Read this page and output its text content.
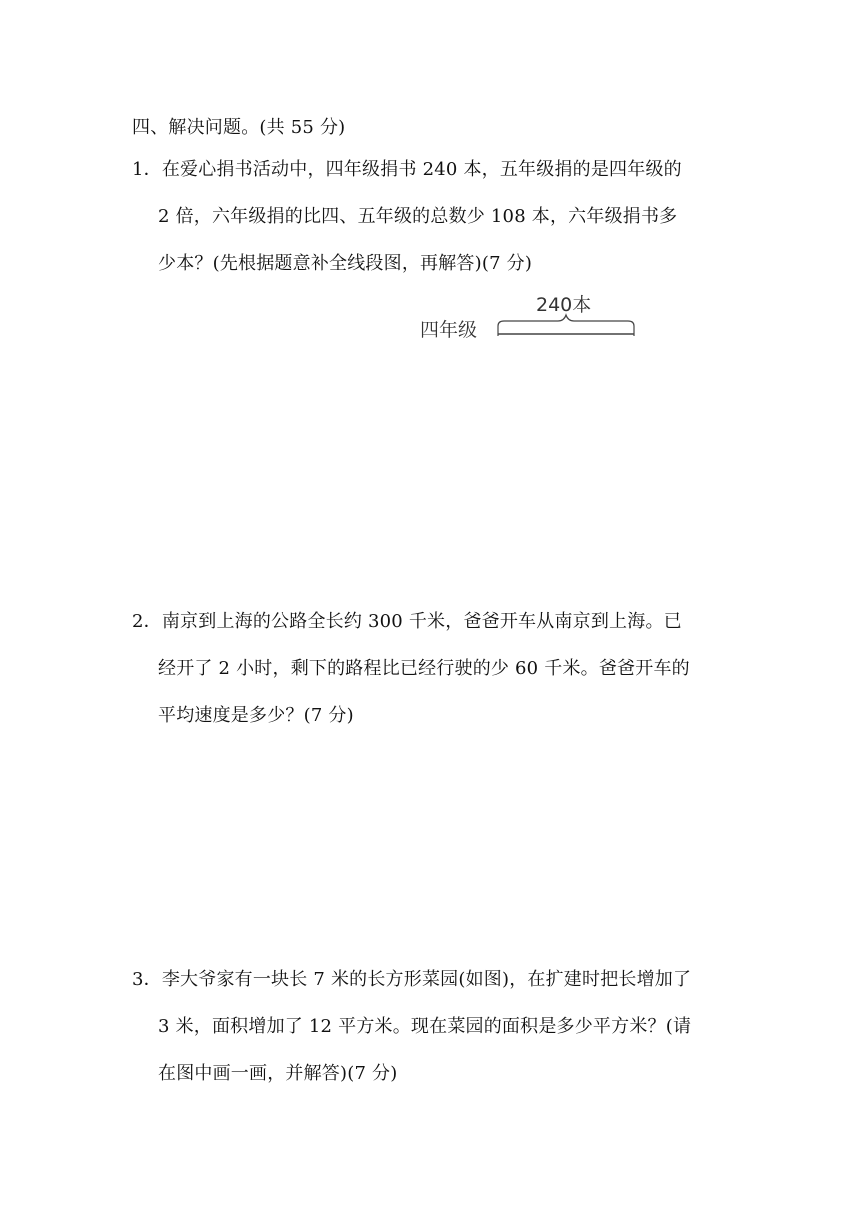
四、解决问题。(共 55 分)
1．在爱心捐书活动中，四年级捐书 240 本，五年级捐的是四年级的
2 倍，六年级捐的比四、五年级的总数少 108 本，六年级捐书多
少本？(先根据题意补全线段图，再解答)(7 分)
四年级
240本
2．南京到上海的公路全长约 300 千米，爸爸开车从南京到上海。已
经开了 2 小时，剩下的路程比已经行驶的少 60 千米。爸爸开车的
平均速度是多少？(7 分)
3．李大爷家有一块长 7 米的长方形菜园(如图)，在扩建时把长增加了
3 米，面积增加了 12 平方米。现在菜园的面积是多少平方米？(请
在图中画一画，并解答)(7 分)
